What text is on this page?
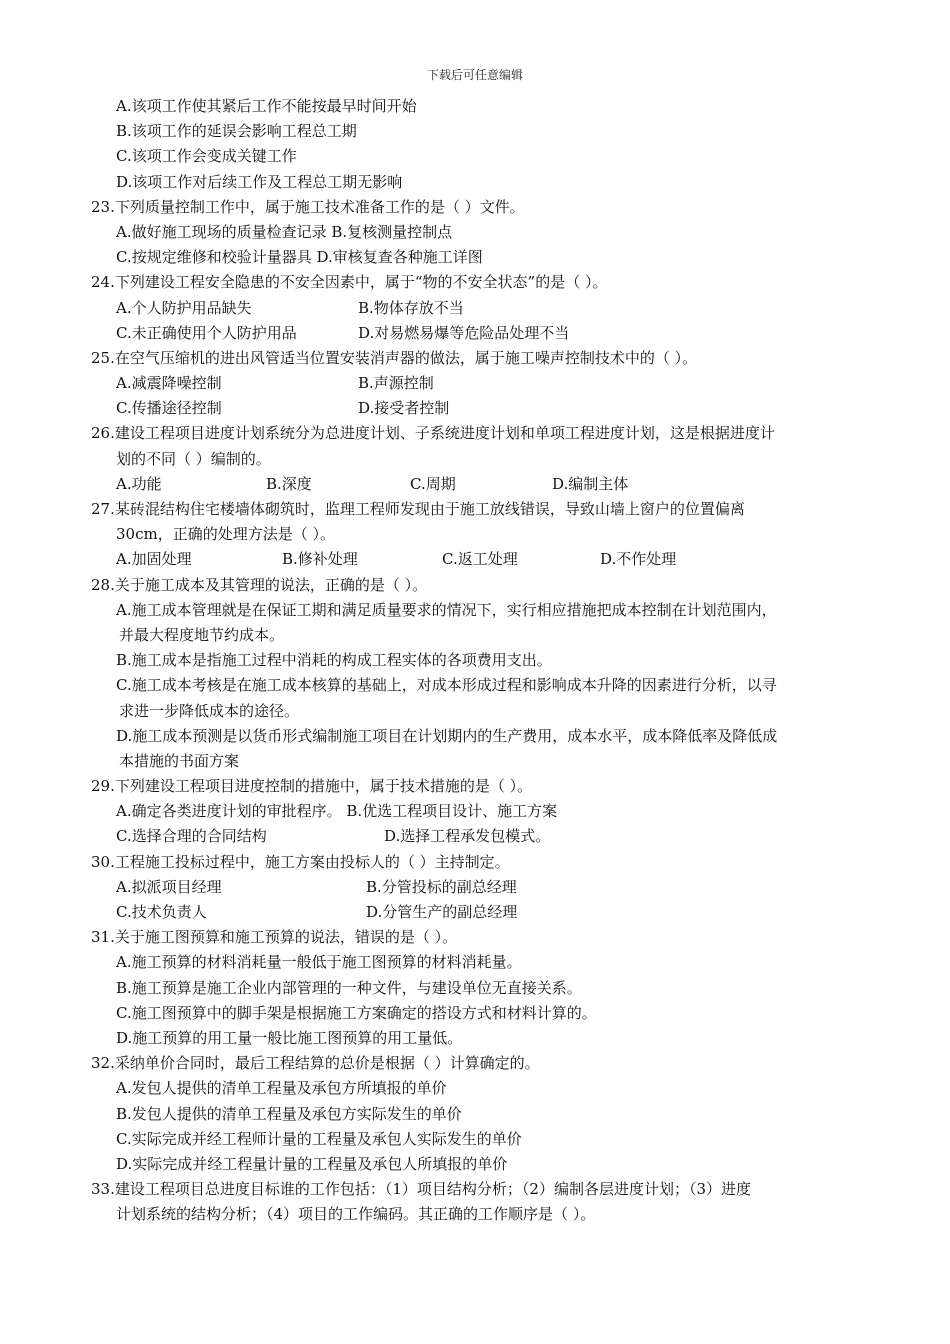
下载后可任意编辑
A.该项工作使其紧后工作不能按最早时间开始
B.该项工作的延误会影响工程总工期
C.该项工作会变成关键工作
D.该项工作对后续工作及工程总工期无影响
23.下列质量控制工作中，属于施工技术准备工作的是（ ）文件。
A.做好施工现场的质量检查记录 B.复核测量控制点
C.按规定维修和校验计量器具 D.审核复查各种施工详图
24.下列建设工程安全隐患的不安全因素中，属于“物的不安全状态”的是（ ）。
A.个人防护用品缺失	B.物体存放不当
C.未正确使用个人防护用品	D.对易燃易爆等危险品处理不当
25.在空气压缩机的进出风管适当位置安装消声器的做法，属于施工噪声控制技术中的（ ）。
A.减震降噪控制	B.声源控制
C.传播途径控制	D.接受者控制
26.建设工程项目进度计划系统分为总进度计划、子系统进度计划和单项工程进度计划，这是根据进度计
划的不同（ ）编制的。
A.功能	B.深度	C.周期	D.编制主体
27.某砖混结构住宅楼墙体砌筑时，监理工程师发现由于施工放线错误，导致山墙上窗户的位置偏离
30cm，正确的处理方法是（ ）。
A.加固处理	B.修补处理	C.返工处理	D.不作处理
28.关于施工成本及其管理的说法，正确的是（ ）。
A.施工成本管理就是在保证工期和满足质量要求的情况下，实行相应措施把成本控制在计划范围内，
并最大程度地节约成本。
B.施工成本是指施工过程中消耗的构成工程实体的各项费用支出。
C.施工成本考核是在施工成本核算的基础上，对成本形成过程和影响成本升降的因素进行分析，以寻
求进一步降低成本的途径。
D.施工成本预测是以货币形式编制施工项目在计划期内的生产费用，成本水平，成本降低率及降低成
本措施的书面方案
29.下列建设工程项目进度控制的措施中，属于技术措施的是（ ）。
A.确定各类进度计划的审批程序。 B.优选工程项目设计、施工方案
C.选择合理的合同结构	D.选择工程承发包模式。
30.工程施工投标过程中，施工方案由投标人的（ ）主持制定。
A.拟派项目经理	B.分管投标的副总经理
C.技术负责人	D.分管生产的副总经理
31.关于施工图预算和施工预算的说法，错误的是（ ）。
A.施工预算的材料消耗量一般低于施工图预算的材料消耗量。
B.施工预算是施工企业内部管理的一种文件，与建设单位无直接关系。
C.施工图预算中的脚手架是根据施工方案确定的搭设方式和材料计算的。
D.施工预算的用工量一般比施工图预算的用工量低。
32.采纳单价合同时，最后工程结算的总价是根据（ ）计算确定的。
A.发包人提供的清单工程量及承包方所填报的单价
B.发包人提供的清单工程量及承包方实际发生的单价
C.实际完成并经工程师计量的工程量及承包人实际发生的单价
D.实际完成并经工程量计量的工程量及承包人所填报的单价
33.建设工程项目总进度目标谁的工作包括：（1）项目结构分析；（2）编制各层进度计划；（3）进度
计划系统的结构分析；（4）项目的工作编码。其正确的工作顺序是（ ）。
